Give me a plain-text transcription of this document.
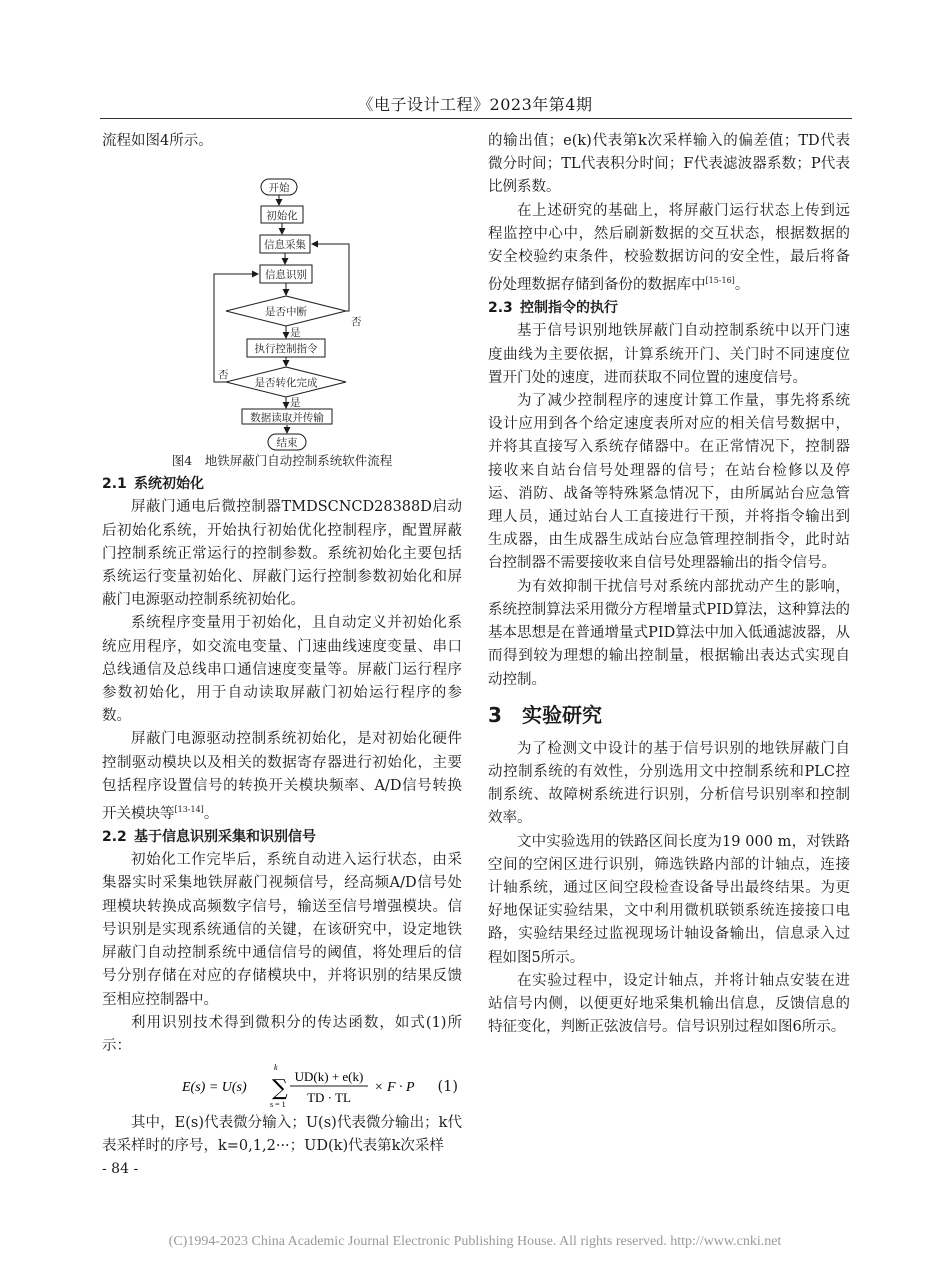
《电子设计工程》2023年第4期

流程如图4所示。

开始
初始化
信息采集
信息识别
是否中断
执行控制指令
是否转化完成
数据读取并传输
否
是
否
是
结束
图4　地铁屏蔽门自动控制系统软件流程

2.1 系统初始化

屏蔽门通电后微控制器TMDSCNCD28388D启动后初始化系统，开始执行初始优化控制程序，配置屏蔽门控制系统正常运行的控制参数。系统初始化主要包括系统运行变量初始化、屏蔽门运行控制参数初始化和屏蔽门电源驱动控制系统初始化。

系统程序变量用于初始化，且自动定义并初始化系统应用程序，如交流电变量、门速曲线速度变量、串口总线通信及总线串口通信速度变量等。屏蔽门运行程序参数初始化，用于自动读取屏蔽门初始运行程序的参数。

屏蔽门电源驱动控制系统初始化，是对初始化硬件控制驱动模块以及相关的数据寄存器进行初始化，主要包括程序设置信号的转换开关模块频率、A/D信号转换开关模块等[13-14]。

2.2 基于信息识别采集和识别信号

初始化工作完毕后，系统自动进入运行状态，由采集器实时采集地铁屏蔽门视频信号，经高频A/D信号处理模块转换成高频数字信号，输送至信号增强模块。信号识别是实现系统通信的关键，在该研究中，设定地铁屏蔽门自动控制系统中通信信号的阈值，将处理后的信号分别存储在对应的存储模块中，并将识别的结果反馈至相应控制器中。

利用识别技术得到微积分的传达函数，如式(1)所示：

E(s) = U(s)
k
∑
s = 1
UD(k) + e(k)
TD · TL
× F · P (1)

其中，E(s)代表微分输入；U(s)代表微分输出；k代表采样时的序号，k=0,1,2···；UD(k)代表第k次采样

- 84 -

的输出值；e(k)代表第k次采样输入的偏差值；TD代表微分时间；TL代表积分时间；F代表滤波器系数；P代表比例系数。

在上述研究的基础上，将屏蔽门运行状态上传到远程监控中心中，然后刷新数据的交互状态，根据数据的安全校验约束条件，校验数据访问的安全性，最后将备份处理数据存储到备份的数据库中[15-16]。

2.3 控制指令的执行

基于信号识别地铁屏蔽门自动控制系统中以开门速度曲线为主要依据，计算系统开门、关门时不同速度位置开门处的速度，进而获取不同位置的速度信号。

为了减少控制程序的速度计算工作量，事先将系统设计应用到各个给定速度表所对应的相关信号数据中，并将其直接写入系统存储器中。在正常情况下，控制器接收来自站台信号处理器的信号；在站台检修以及停运、消防、战备等特殊紧急情况下，由所属站台应急管理人员，通过站台人工直接进行干预，并将指令输出到生成器，由生成器生成站台应急管理控制指令，此时站台控制器不需要接收来自信号处理器输出的指令信号。

为有效抑制干扰信号对系统内部扰动产生的影响，系统控制算法采用微分方程增量式PID算法，这种算法的基本思想是在普通增量式PID算法中加入低通滤波器，从而得到较为理想的输出控制量，根据输出表达式实现自动控制。

3 实验研究

为了检测文中设计的基于信号识别的地铁屏蔽门自动控制系统的有效性，分别选用文中控制系统和PLC控制系统、故障树系统进行识别，分析信号识别率和控制效率。

文中实验选用的铁路区间长度为19 000 m，对铁路空间的空闲区进行识别，筛选铁路内部的计轴点，连接计轴系统，通过区间空段检查设备导出最终结果。为更好地保证实验结果，文中利用微机联锁系统连接接口电路，实验结果经过监视现场计轴设备输出，信息录入过程如图5所示。

在实验过程中，设定计轴点，并将计轴点安装在进站信号内侧，以便更好地采集机输出信息，反馈信息的特征变化，判断正弦波信号。信号识别过程如图6所示。

(C)1994-2023 China Academic Journal Electronic Publishing House. All rights reserved. http://www.cnki.net
